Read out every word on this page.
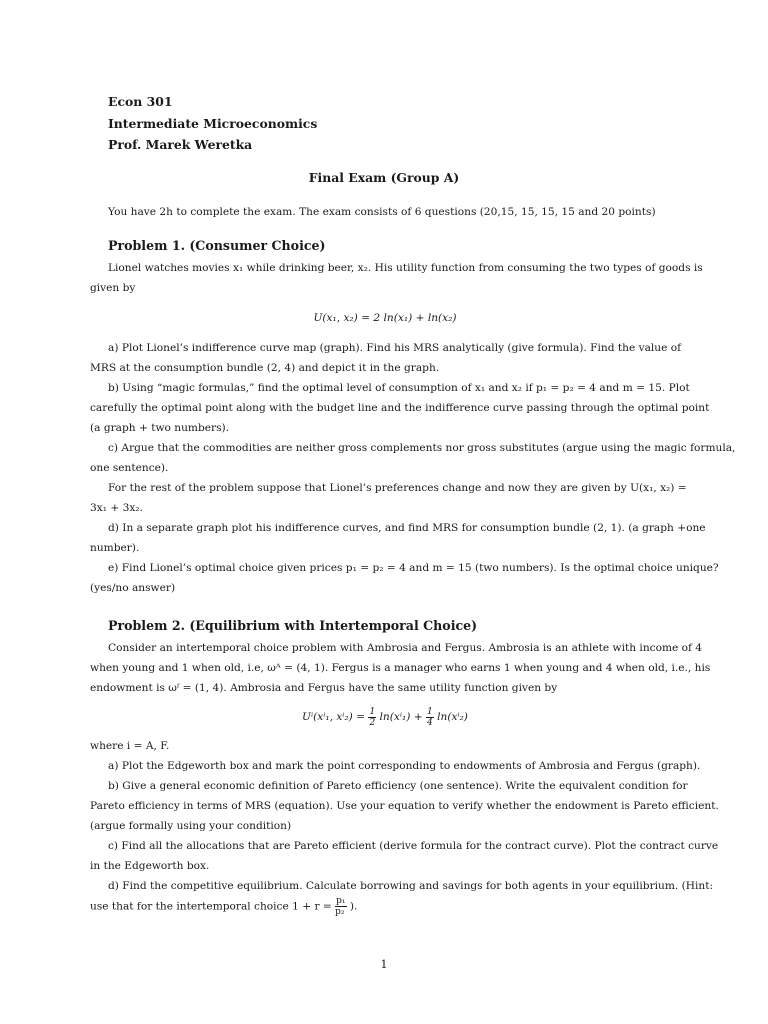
Econ 301
Intermediate Microeconomics
Prof. Marek Weretka
Final Exam (Group A)
You have 2h to complete the exam. The exam consists of 6 questions (20,15, 15, 15, 15 and 20 points)
Problem 1. (Consumer Choice)
Lionel watches movies x₁ while drinking beer, x₂. His utility function from consuming the two types of goods is
given by
U(x₁, x₂) = 2 ln(x₁) + ln(x₂)
a) Plot Lionel’s indifference curve map (graph). Find his MRS analytically (give formula). Find the value of
MRS at the consumption bundle (2, 4) and depict it in the graph.
b) Using “magic formulas,” find the optimal level of consumption of x₁ and x₂ if p₁ = p₂ = 4 and m = 15. Plot
carefully the optimal point along with the budget line and the indifference curve passing through the optimal point
(a graph + two numbers).
c) Argue that the commodities are neither gross complements nor gross substitutes (argue using the magic formula,
one sentence).
For the rest of the problem suppose that Lionel’s preferences change and now they are given by U(x₁, x₂) =
3x₁ + 3x₂.
d) In a separate graph plot his indifference curves, and find MRS for consumption bundle (2, 1). (a graph +one
number).
e) Find Lionel’s optimal choice given prices p₁ = p₂ = 4 and m = 15 (two numbers). Is the optimal choice unique?
(yes/no answer)
Problem 2. (Equilibrium with Intertemporal Choice)
Consider an intertemporal choice problem with Ambrosia and Fergus. Ambrosia is an athlete with income of 4
when young and 1 when old, i.e, ωᴬ = (4, 1). Fergus is a manager who earns 1 when young and 4 when old, i.e., his
endowment is ωᶠ = (1, 4). Ambrosia and Fergus have the same utility function given by
Uⁱ(xⁱ₁, $x^i_2) = \frac{1}{2} \ln(x^i_1) + \frac{1}{4} \ln(x^i_2)$
where i = A, F.
a) Plot the Edgeworth box and mark the point corresponding to endowments of Ambrosia and Fergus (graph).
b) Give a general economic definition of Pareto efficiency (one sentence). Write the equivalent condition for
Pareto efficiency in terms of MRS (equation). Use your equation to verify whether the endowment is Pareto efficient.
(argue formally using your condition)
c) Find all the allocations that are Pareto efficient (derive formula for the contract curve). Plot the contract curve
in the Edgeworth box.
d) Find the competitive equilibrium. Calculate borrowing and savings for both agents in your equilibrium. (Hint:
use that for the intertemporal choice $1 + r = \frac{\text{p₁}}{\text{p₂}}$ ).
1
